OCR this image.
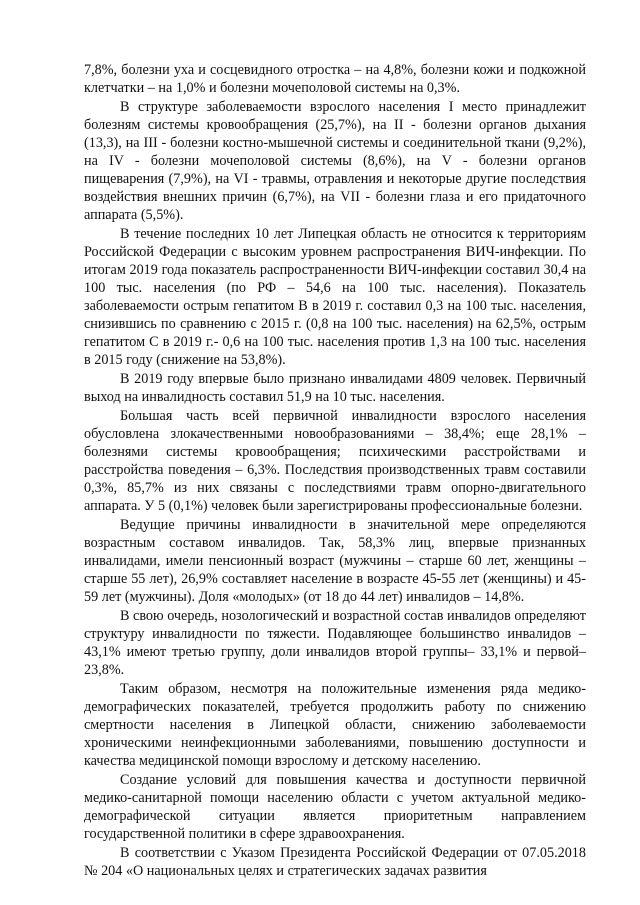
7,8%, болезни уха и сосцевидного отростка – на 4,8%, болезни кожи и подкожной клетчатки – на 1,0% и болезни мочеполовой системы на 0,3%.

В структуре заболеваемости взрослого населения I место принадлежит болезням системы кровообращения (25,7%), на II - болезни органов дыхания (13,3), на III - болезни костно-мышечной системы и соединительной ткани (9,2%), на IV - болезни мочеполовой системы (8,6%), на V - болезни органов пищеварения (7,9%), на VI - травмы, отравления и некоторые другие последствия воздействия внешних причин (6,7%), на VII - болезни глаза и его придаточного аппарата (5,5%).

В течение последних 10 лет Липецкая область не относится к территориям Российской Федерации с высоким уровнем распространения ВИЧ-инфекции. По итогам 2019 года показатель распространенности ВИЧ-инфекции составил 30,4 на 100 тыс. населения (по РФ – 54,6 на 100 тыс. населения). Показатель заболеваемости острым гепатитом В в 2019 г. составил 0,3 на 100 тыс. населения, снизившись по сравнению с 2015 г. (0,8 на 100 тыс. населения) на 62,5%, острым гепатитом С в 2019 г.- 0,6 на 100 тыс. населения против 1,3 на 100 тыс. населения в 2015 году (снижение на 53,8%).

В 2019 году впервые было признано инвалидами 4809 человек. Первичный выход на инвалидность составил 51,9 на 10 тыс. населения.

Большая часть всей первичной инвалидности взрослого населения обусловлена злокачественными новообразованиями – 38,4%; еще 28,1% – болезнями системы кровообращения; психическими расстройствами и расстройства поведения – 6,3%. Последствия производственных травм составили 0,3%, 85,7% из них связаны с последствиями травм опорно-двигательного аппарата. У 5 (0,1%) человек были зарегистрированы профессиональные болезни.

Ведущие причины инвалидности в значительной мере определяются возрастным составом инвалидов. Так, 58,3% лиц, впервые признанных инвалидами, имели пенсионный возраст (мужчины – старше 60 лет, женщины – старше 55 лет), 26,9% составляет население в возрасте 45-55 лет (женщины) и 45-59 лет (мужчины). Доля «молодых» (от 18 до 44 лет) инвалидов – 14,8%.

В свою очередь, нозологический и возрастной состав инвалидов определяют структуру инвалидности по тяжести. Подавляющее большинство инвалидов –43,1% имеют третью группу, доли инвалидов второй группы– 33,1% и первой– 23,8%.

Таким образом, несмотря на положительные изменения ряда медико-демографических показателей, требуется продолжить работу по снижению смертности населения в Липецкой области, снижению заболеваемости хроническими неинфекционными заболеваниями, повышению доступности и качества медицинской помощи взрослому и детскому населению.

Создание условий для повышения качества и доступности первичной медико-санитарной помощи населению области с учетом актуальной медико-демографической ситуации является приоритетным направлением государственной политики в сфере здравоохранения.

В соответствии с Указом Президента Российской Федерации от 07.05.2018 № 204 «О национальных целях и стратегических задачах развития
